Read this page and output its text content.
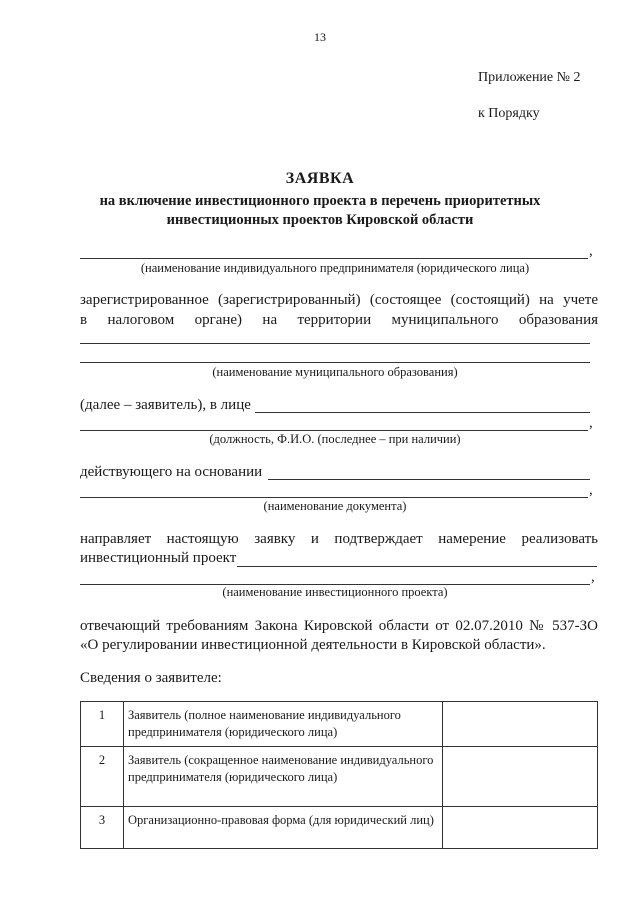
13
Приложение № 2
к Порядку
ЗАЯВКА
на включение инвестиционного проекта в перечень приоритетных
инвестиционных проектов Кировской области
,
(наименование индивидуального предпринимателя (юридического лица)
зарегистрированное (зарегистрированный) (состоящее (состоящий) на учете
в налоговом органе) на территории муниципального образования
(наименование муниципального образования)
(далее – заявитель), в лице
,
(должность, Ф.И.О. (последнее – при наличии)
действующего на основании
,
(наименование документа)
направляет настоящую заявку и подтверждает намерение реализовать
инвестиционный проект
,
(наименование инвестиционного проекта)
отвечающий требованиям Закона Кировской области от 02.07.2010 № 537-ЗО
«О регулировании инвестиционной деятельности в Кировской области».
Сведения о заявителе:
1	Заявитель (полное наименование индивидуального предпринимателя (юридического лица)	
2	Заявитель (сокращенное наименование индивидуального предпринимателя (юридического лица)	
3	Организационно-правовая форма (для юридический лиц)	
